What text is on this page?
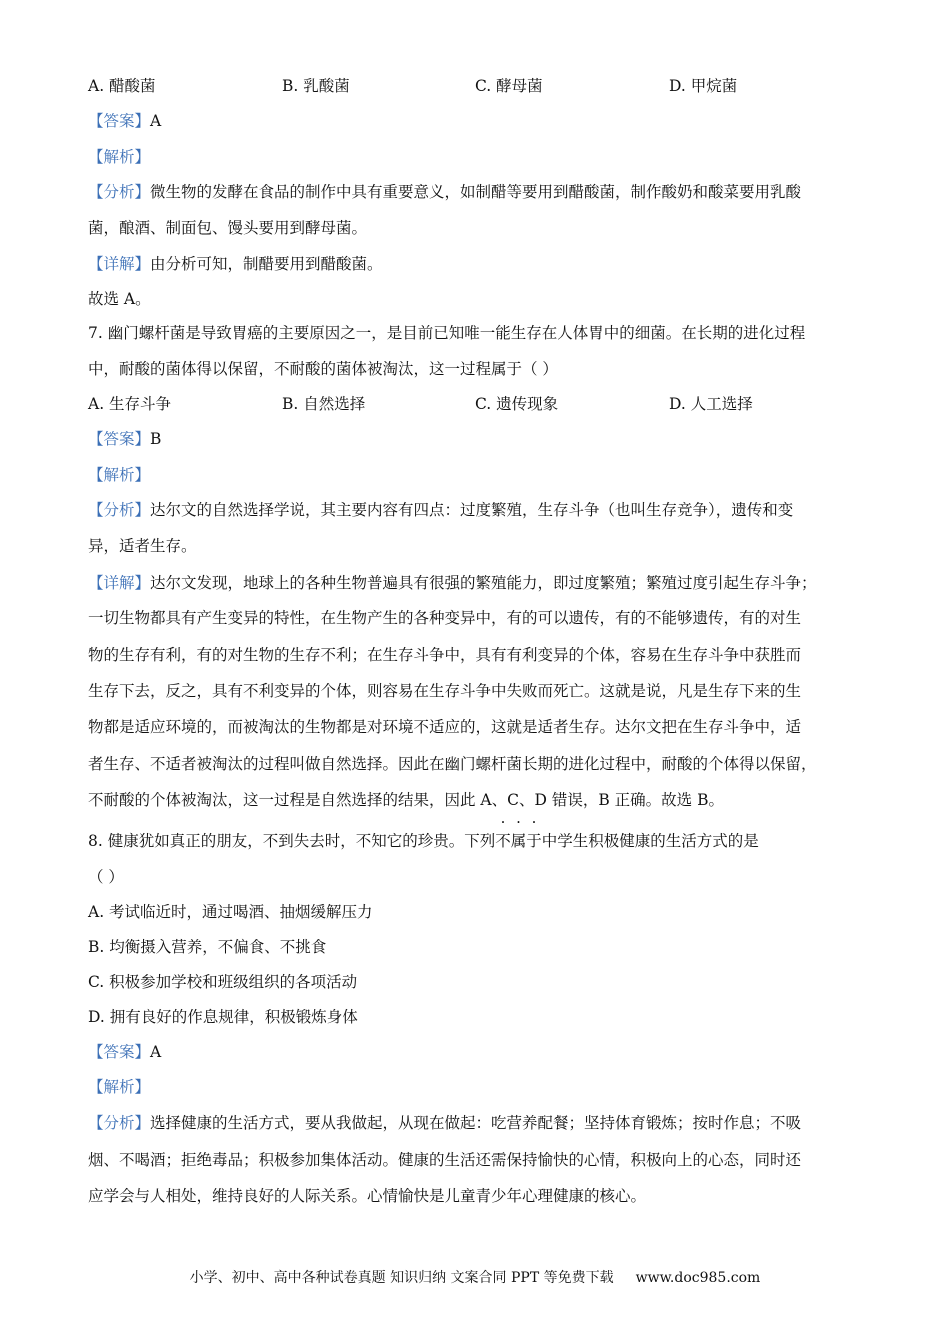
A. 醋酸菌	B. 乳酸菌	C. 酵母菌	D. 甲烷菌
【答案】A
【解析】
【分析】微生物的发酵在食品的制作中具有重要意义，如制醋等要用到醋酸菌，制作酸奶和酸菜要用乳酸
菌，酿酒、制面包、馒头要用到酵母菌。
【详解】由分析可知，制醋要用到醋酸菌。
故选 A。
7. 幽门螺杆菌是导致胃癌的主要原因之一，是目前已知唯一能生存在人体胃中的细菌。在长期的进化过程
中，耐酸的菌体得以保留，不耐酸的菌体被淘汰，这一过程属于（ ）
A. 生存斗争	B. 自然选择	C. 遗传现象	D. 人工选择
【答案】B
【解析】
【分析】达尔文的自然选择学说，其主要内容有四点：过度繁殖，生存斗争（也叫生存竞争），遗传和变
异，适者生存。
【详解】达尔文发现，地球上的各种生物普遍具有很强的繁殖能力，即过度繁殖；繁殖过度引起生存斗争；
一切生物都具有产生变异的特性，在生物产生的各种变异中，有的可以遗传，有的不能够遗传，有的对生
物的生存有利，有的对生物的生存不利；在生存斗争中，具有有利变异的个体，容易在生存斗争中获胜而
生存下去，反之，具有不利变异的个体，则容易在生存斗争中失败而死亡。这就是说，凡是生存下来的生
物都是适应环境的，而被淘汰的生物都是对环境不适应的，这就是适者生存。达尔文把在生存斗争中，适
者生存、不适者被淘汰的过程叫做自然选择。因此在幽门螺杆菌长期的进化过程中，耐酸的个体得以保留，
不耐酸的个体被淘汰，这一过程是自然选择的结果，因此 A、C、D 错误，B 正确。故选 B。
8. 健康犹如真正的朋友，不到失去时，不知它的珍贵。下列不属于中学生积极健康的生活方式的是
（ ）
A. 考试临近时，通过喝酒、抽烟缓解压力
B. 均衡摄入营养，不偏食、不挑食
C. 积极参加学校和班级组织的各项活动
D. 拥有良好的作息规律，积极锻炼身体
【答案】A
【解析】
【分析】选择健康的生活方式，要从我做起，从现在做起：吃营养配餐；坚持体育锻炼；按时作息；不吸
烟、不喝酒；拒绝毒品；积极参加集体活动。健康的生活还需保持愉快的心情，积极向上的心态，同时还
应学会与人相处，维持良好的人际关系。心情愉快是儿童青少年心理健康的核心。
小学、初中、高中各种试卷真题 知识归纳 文案合同 PPT 等免费下载 www.doc985.com
